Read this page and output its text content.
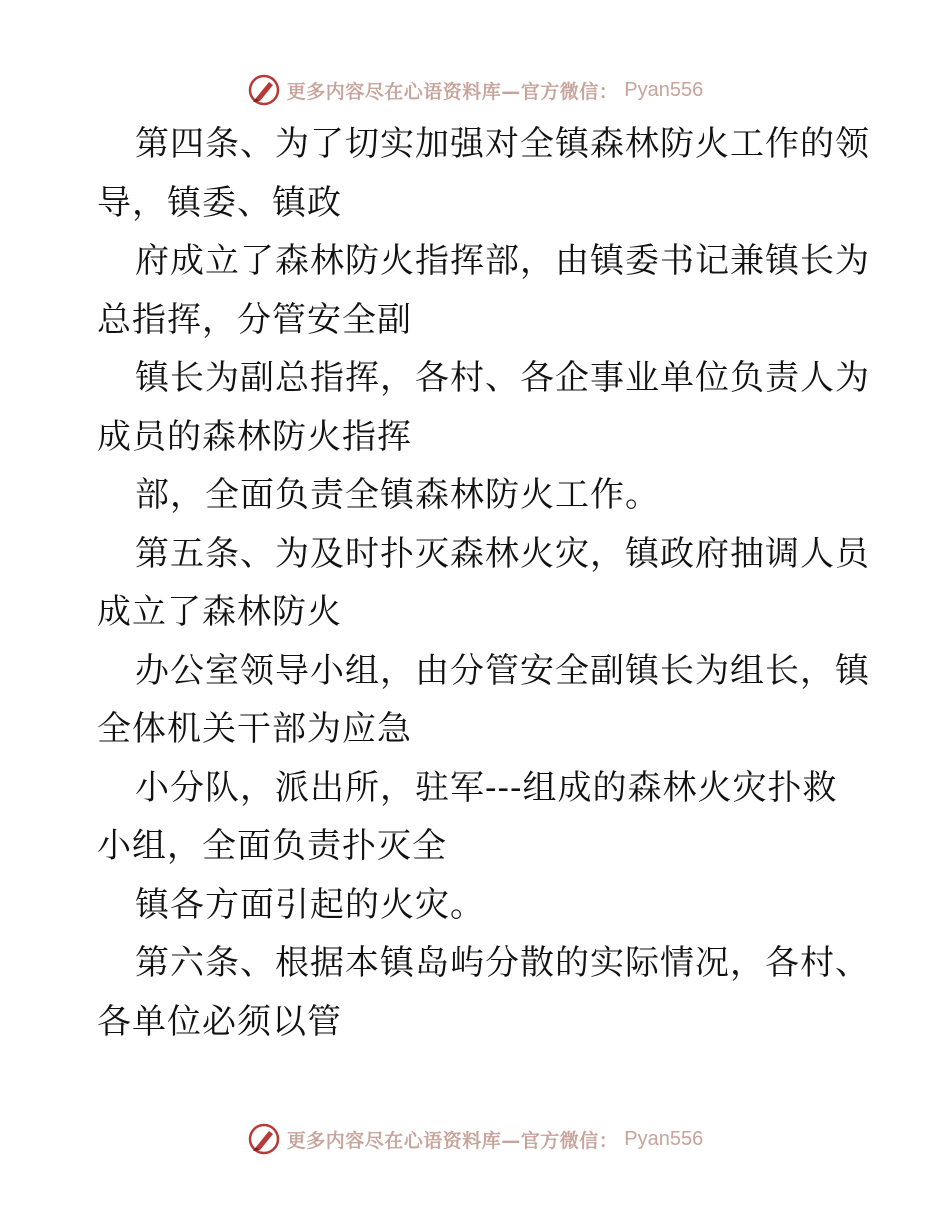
更多内容尽在心语资料库—官方微信： Pyan556

第四条、为了切实加强对全镇森林防火工作的领
导，镇委、镇政

府成立了森林防火指挥部，由镇委书记兼镇长为
总指挥，分管安全副

镇长为副总指挥，各村、各企事业单位负责人为
成员的森林防火指挥

部，全面负责全镇森林防火工作。

第五条、为及时扑灭森林火灾，镇政府抽调人员
成立了森林防火

办公室领导小组，由分管安全副镇长为组长，镇
全体机关干部为应急

小分队，派出所，驻军---组成的森林火灾扑救
小组，全面负责扑灭全

镇各方面引起的火灾。

第六条、根据本镇岛屿分散的实际情况，各村、
各单位必须以管

更多内容尽在心语资料库—官方微信： Pyan556
